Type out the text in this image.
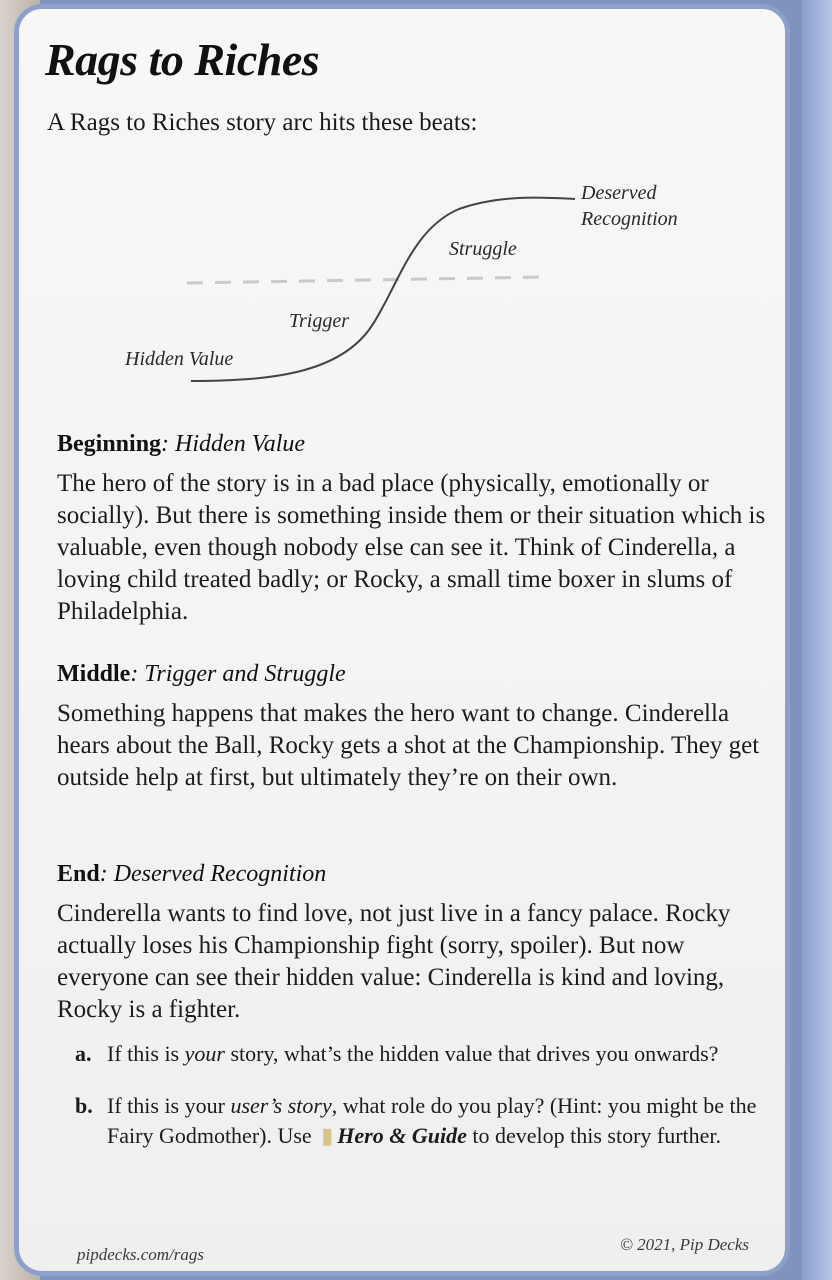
Rags to Riches

A Rags to Riches story arc hits these beats:

Hidden Value
Trigger
Struggle
Deserved
Recognition
Beginning: Hidden Value

The hero of the story is in a bad place (physically, emotionally or socially). But there is something inside them or their situation which is valuable, even though nobody else can see it. Think of Cinderella, a loving child treated badly; or Rocky, a small time boxer in slums of Philadelphia.

Middle: Trigger and Struggle

Something happens that makes the hero want to change. Cinderella hears about the Ball, Rocky gets a shot at the Championship. They get outside help at first, but ultimately they’re on their own.

End: Deserved Recognition

Cinderella wants to find love, not just live in a fancy palace. Rocky actually loses his Championship fight (sorry, spoiler). But now everyone can see their hidden value: Cinderella is kind and loving, Rocky is a fighter.

a. If this is your story, what’s the hidden value that drives you onwards?
b. If this is your user’s story, what role do you play? (Hint: you might be the Fairy Godmother). Use ▮ Hero & Guide to develop this story further.
pipdecks.com/rags
© 2021, Pip Decks
